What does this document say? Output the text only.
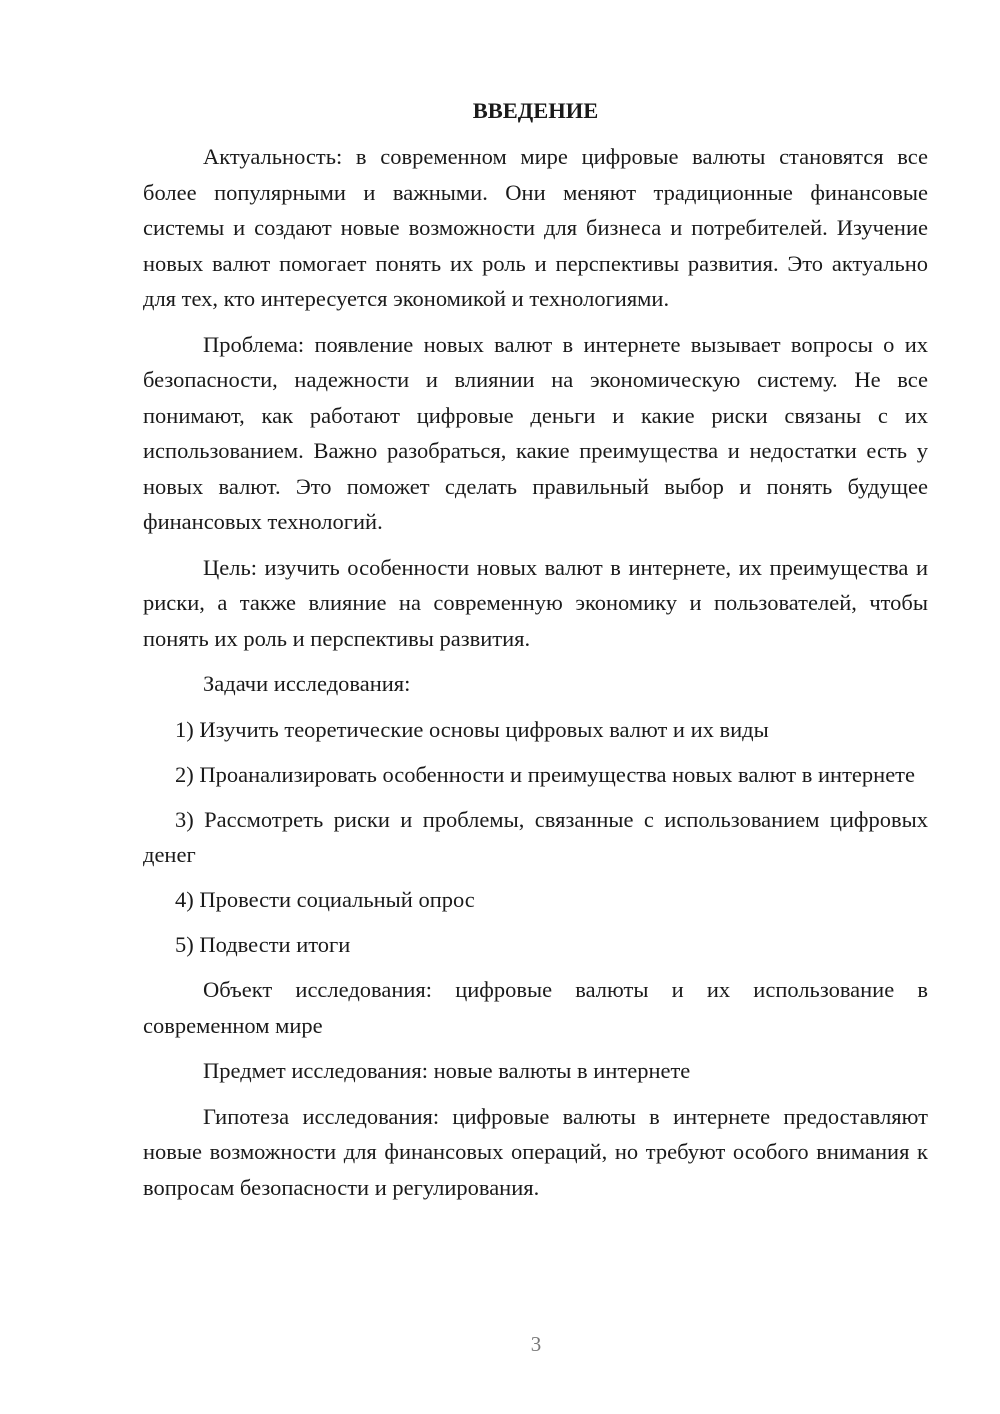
ВВЕДЕНИЕ

Актуальность: в современном мире цифровые валюты становятся все более популярными и важными. Они меняют традиционные финансовые системы и создают новые возможности для бизнеса и потребителей. Изучение новых валют помогает понять их роль и перспективы развития. Это актуально для тех, кто интересуется экономикой и технологиями.

Проблема: появление новых валют в интернете вызывает вопросы о их безопасности, надежности и влиянии на экономическую систему. Не все понимают, как работают цифровые деньги и какие риски связаны с их использованием. Важно разобраться, какие преимущества и недостатки есть у новых валют. Это поможет сделать правильный выбор и понять будущее финансовых технологий.

Цель: изучить особенности новых валют в интернете, их преимущества и риски, а также влияние на современную экономику и пользователей, чтобы понять их роль и перспективы развития.

Задачи исследования:

1) Изучить теоретические основы цифровых валют и их виды

2) Проанализировать особенности и преимущества новых валют в интернете

3) Рассмотреть риски и проблемы, связанные с использованием цифровых денег

4) Провести социальный опрос

5) Подвести итоги

Объект исследования: цифровые валюты и их использование в современном мире

Предмет исследования: новые валюты в интернете

Гипотеза исследования: цифровые валюты в интернете предоставляют новые возможности для финансовых операций, но требуют особого внимания к вопросам безопасности и регулирования.

3
